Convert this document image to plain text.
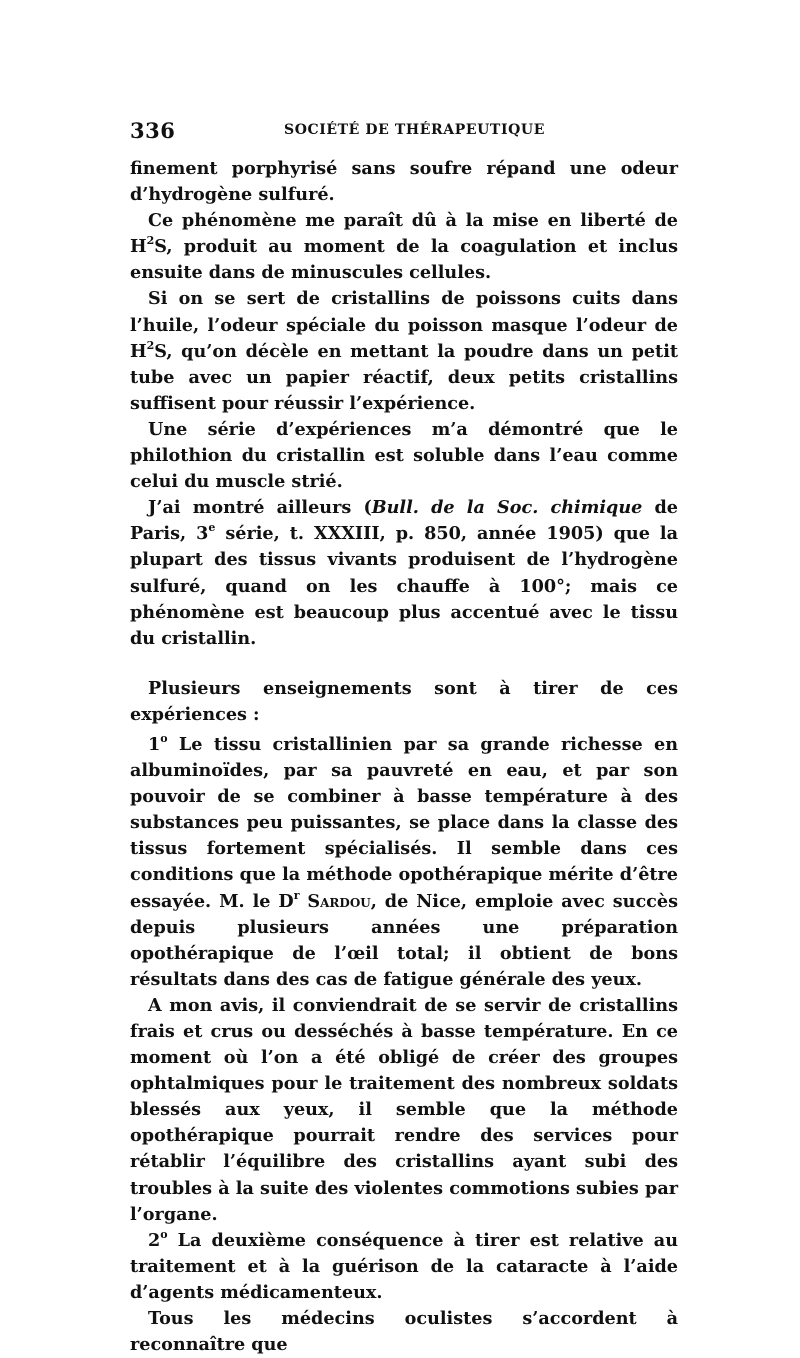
336	SOCIÉTÉ DE THÉRAPEUTIQUE

finement porphyrisé sans soufre répand une odeur d’hydrogène sulfuré.

Ce phénomène me paraît dû à la mise en liberté de $H^2S$, produit au moment de la coagulation et inclus ensuite dans de minuscules cellules.

Si on se sert de cristallins de poissons cuits dans l’huile, l’odeur spéciale du poisson masque l’odeur de $H^2S$, qu’on décèle en mettant la poudre dans un petit tube avec un papier réactif, deux petits cristallins suffisent pour réussir l’expérience.

Une série d’expériences m’a démontré que le philothion du cristallin est soluble dans l’eau comme celui du muscle strié.

J’ai montré ailleurs (Bull. de la Soc. chimique de Paris, 3e série, t. XXXIII, p. 850, année 1905) que la plupart des tissus vivants produisent de l’hydrogène sulfuré, quand on les chauffe à 100°; mais ce phénomène est beaucoup plus accentué avec le tissu du cristallin.

Plusieurs enseignements sont à tirer de ces expériences :

1$^o$ Le tissu cristallinien par sa grande richesse en albuminoïdes, par sa pauvreté en eau, et par son pouvoir de se combiner à basse température à des substances peu puissantes, se place dans la classe des tissus fortement spécialisés. Il semble dans ces conditions que la méthode opothérapique mérite d’être essayée. M. le $D^r$ Sardou, de Nice, emploie avec succès depuis plusieurs années une préparation opothérapique de l’œil total; il obtient de bons résultats dans des cas de fatigue générale des yeux.

A mon avis, il conviendrait de se servir de cristallins frais et crus ou desséchés à basse température. En ce moment où l’on a été obligé de créer des groupes ophtalmiques pour le traitement des nombreux soldats blessés aux yeux, il semble que la méthode opothérapique pourrait rendre des services pour rétablir l’équilibre des cristallins ayant subi des troubles à la suite des violentes commotions subies par l’organe.

2$^o$ La deuxième conséquence à tirer est relative au traitement et à la guérison de la cataracte à l’aide d’agents médicamenteux.

Tous les médecins oculistes s’accordent à reconnaître que
